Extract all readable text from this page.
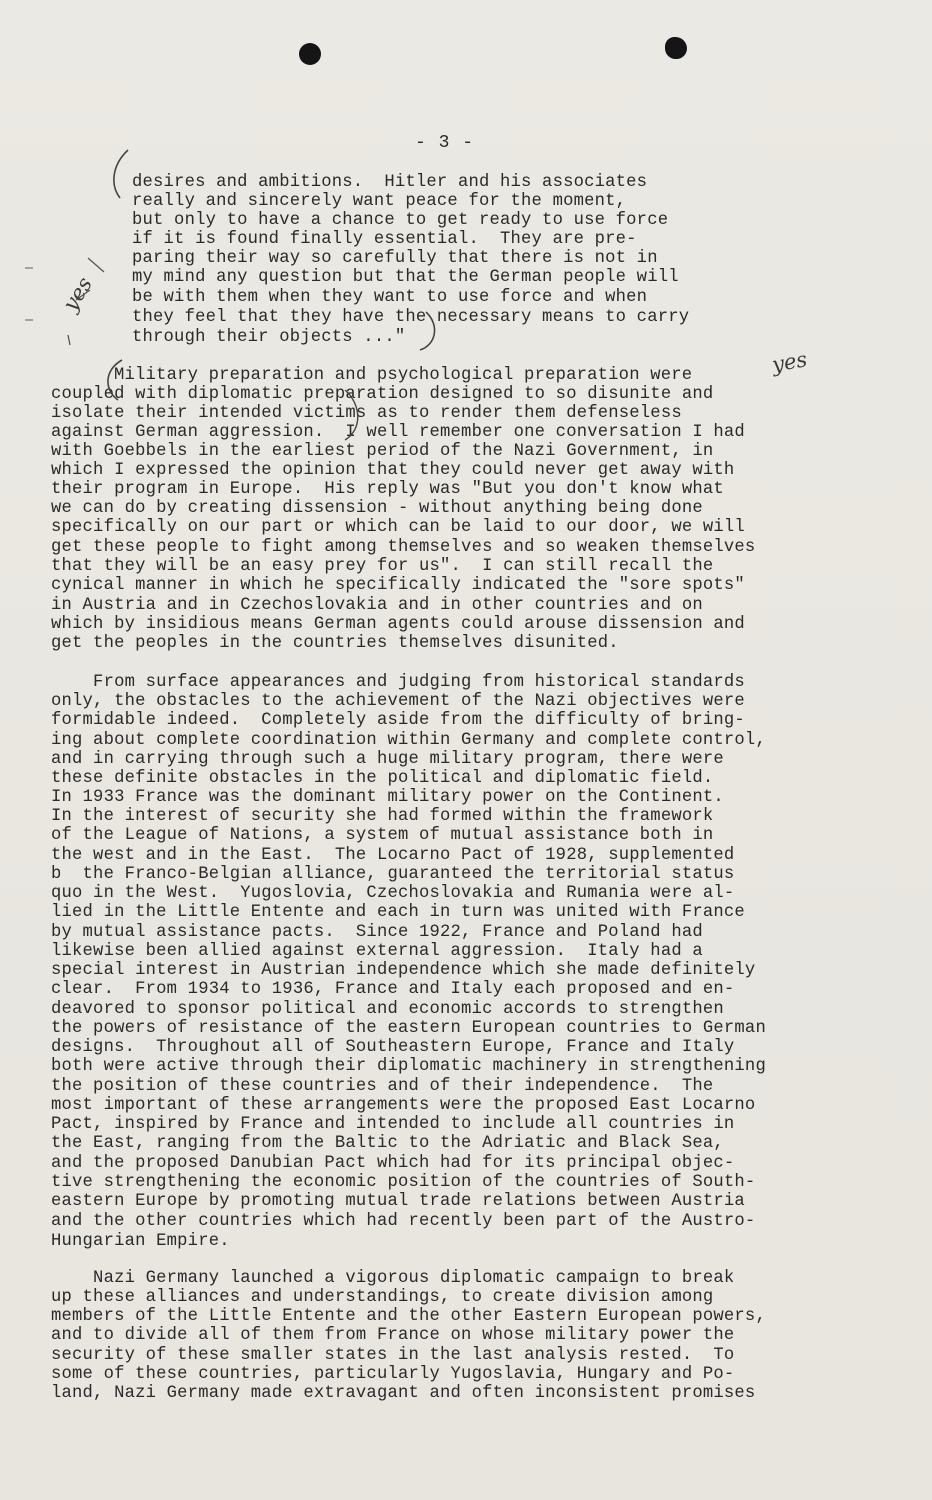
- 3 -
desires and ambitions.  Hitler and his associates
really and sincerely want peace for the moment,
but only to have a chance to get ready to use force
if it is found finally essential.  They are pre-
paring their way so carefully that there is not in
my mind any question but that the German people will
be with them when they want to use force and when
they feel that they have the necessary means to carry
through their objects ..."
Military preparation and psychological preparation were
coupled with diplomatic preparation designed to so disunite and
isolate their intended victims as to render them defenseless
against German aggression.  I well remember one conversation I had
with Goebbels in the earliest period of the Nazi Government, in
which I expressed the opinion that they could never get away with
their program in Europe.  His reply was "But you don't know what
we can do by creating dissension - without anything being done
specifically on our part or which can be laid to our door, we will
get these people to fight among themselves and so weaken themselves
that they will be an easy prey for us".  I can still recall the
cynical manner in which he specifically indicated the "sore spots"
in Austria and in Czechoslovakia and in other countries and on
which by insidious means German agents could arouse dissension and
get the peoples in the countries themselves disunited.
From surface appearances and judging from historical standards
only, the obstacles to the achievement of the Nazi objectives were
formidable indeed.  Completely aside from the difficulty of bring-
ing about complete coordination within Germany and complete control,
and in carrying through such a huge military program, there were
these definite obstacles in the political and diplomatic field.
In 1933 France was the dominant military power on the Continent.
In the interest of security she had formed within the framework
of the League of Nations, a system of mutual assistance both in
the west and in the East.  The Locarno Pact of 1928, supplemented
b  the Franco-Belgian alliance, guaranteed the territorial status
quo in the West.  Yugoslovia, Czechoslovakia and Rumania were al-
lied in the Little Entente and each in turn was united with France
by mutual assistance pacts.  Since 1922, France and Poland had
likewise been allied against external aggression.  Italy had a
special interest in Austrian independence which she made definitely
clear.  From 1934 to 1936, France and Italy each proposed and en-
deavored to sponsor political and economic accords to strengthen
the powers of resistance of the eastern European countries to German
designs.  Throughout all of Southeastern Europe, France and Italy
both were active through their diplomatic machinery in strengthening
the position of these countries and of their independence.  The
most important of these arrangements were the proposed East Locarno
Pact, inspired by France and intended to include all countries in
the East, ranging from the Baltic to the Adriatic and Black Sea,
and the proposed Danubian Pact which had for its principal objec-
tive strengthening the economic position of the countries of South-
eastern Europe by promoting mutual trade relations between Austria
and the other countries which had recently been part of the Austro-
Hungarian Empire.
Nazi Germany launched a vigorous diplomatic campaign to break
up these alliances and understandings, to create division among
members of the Little Entente and the other Eastern European powers,
and to divide all of them from France on whose military power the
security of these smaller states in the last analysis rested.  To
some of these countries, particularly Yugoslavia, Hungary and Po-
land, Nazi Germany made extravagant and often inconsistent promises
yes
yes
